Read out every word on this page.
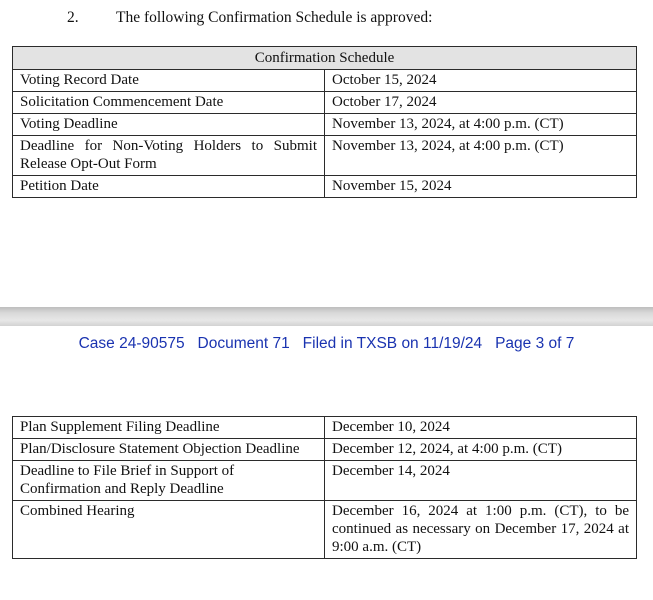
2. The following Confirmation Schedule is approved:
Confirmation Schedule	
Voting Record Date	October 15, 2024
Solicitation Commencement Date	October 17, 2024
Voting Deadline	November 13, 2024, at 4:00 p.m. (CT)
Deadline for Non-Voting Holders to Submit Release Opt-Out Form	November 13, 2024, at 4:00 p.m. (CT)
Petition Date	November 15, 2024
Case 24-90575 Document 71 Filed in TXSB on 11/19/24 Page 3 of 7
Plan Supplement Filing Deadline	December 10, 2024
Plan/Disclosure Statement Objection Deadline	December 12, 2024, at 4:00 p.m. (CT)
Deadline to File Brief in Support of Confirmation and Reply Deadline	December 14, 2024
Combined Hearing	December 16, 2024 at 1:00 p.m. (CT), to be continued as necessary on December 17, 2024 at 9:00 a.m. (CT)
